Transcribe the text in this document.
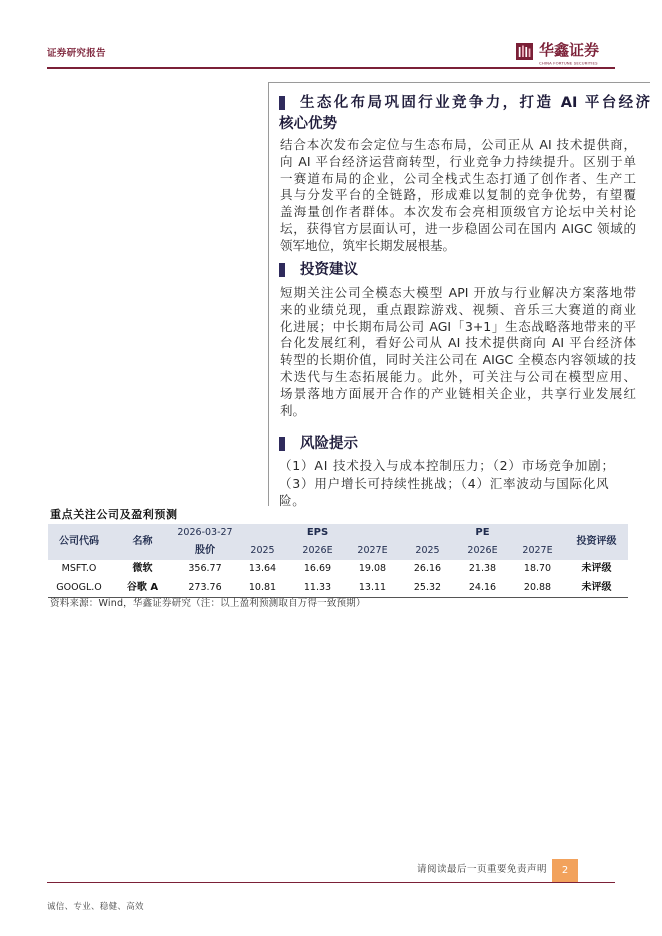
证券研究报告	华鑫证券
CHINA FORTUNE SECURITIES
生态化布局巩固行业竞争力，打造 AI 平台经济
核心优势
结合本次发布会定位与生态布局，公司正从 AI 技术提供商，
向 AI 平台经济运营商转型，行业竞争力持续提升。区别于单
一赛道布局的企业，公司全栈式生态打通了创作者、生产工
具与分发平台的全链路，形成难以复制的竞争优势，有望覆
盖海量创作者群体。本次发布会亮相顶级官方论坛中关村论
坛，获得官方层面认可，进一步稳固公司在国内 AIGC 领域的
领军地位，筑牢长期发展根基。
投资建议
短期关注公司全模态大模型 API 开放与行业解决方案落地带
来的业绩兑现，重点跟踪游戏、视频、音乐三大赛道的商业
化进展；中长期布局公司 AGI「3+1」生态战略落地带来的平
台化发展红利，看好公司从 AI 技术提供商向 AI 平台经济体
转型的长期价值，同时关注公司在 AIGC 全模态内容领域的技
术迭代与生态拓展能力。此外，可关注与公司在模型应用、
场景落地方面展开合作的产业链相关企业，共享行业发展红
利。
风险提示
（1）AI 技术投入与成本控制压力；（2）市场竞争加剧；
（3）用户增长可持续性挑战；（4）汇率波动与国际化风
险。
重点关注公司及盈利预测
公司代码	名称	2026-03-27	EPS			PE			投资评级
		股价	2025	2026E	2027E	2025	2026E	2027E	
MSFT.O	微软	356.77	13.64	16.69	19.08	26.16	21.38	18.70	未评级
GOOGL.O	谷歌 A	273.76	10.81	11.33	13.11	25.32	24.16	20.88	未评级
资料来源：Wind，华鑫证券研究（注：以上盈利预测取自万得一致预期）
请阅读最后一页重要免责声明	2
诚信、专业、稳健、高效
